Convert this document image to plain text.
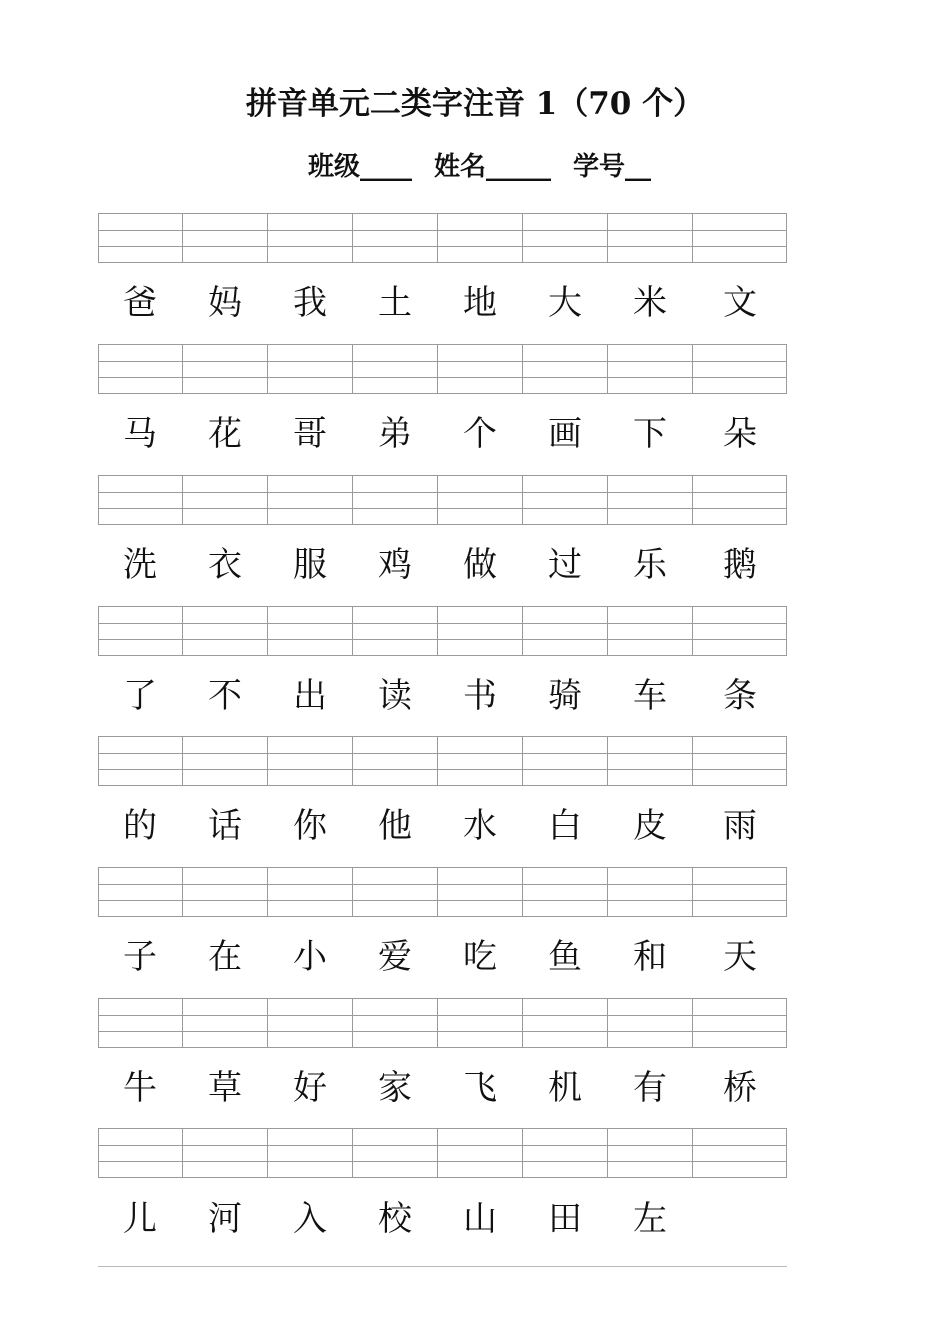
拼音单元二类字注音 1（70 个）
班级____ 姓名_____ 学号__
爸 妈 我 土 地 大 米 文
马 花 哥 弟 个 画 下 朵
洗 衣 服 鸡 做 过 乐 鹅
了 不 出 读 书 骑 车 条
的 话 你 他 水 白 皮 雨
子 在 小 爱 吃 鱼 和 天
牛 草 好 家 飞 机 有 桥
儿 河 入 校 山 田 左
